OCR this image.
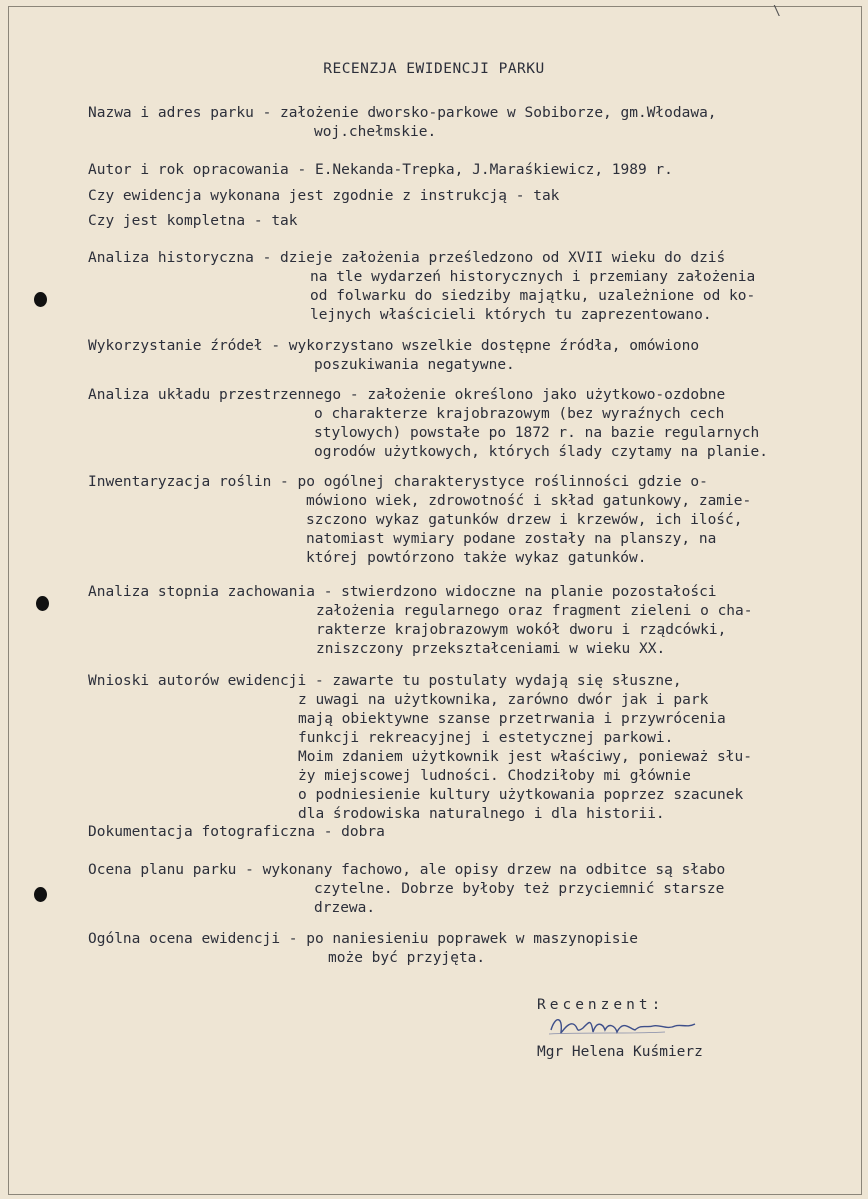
\
RECENZJA EWIDENCJI PARKU
Nazwa i adres parku - założenie dworsko-parkowe w Sobiborze, gm.Włodawa,
woj.chełmskie.
Autor i rok opracowania - E.Nekanda-Trepka, J.Maraśkiewicz, 1989 r.
Czy ewidencja wykonana jest zgodnie z instrukcją - tak
Czy jest kompletna - tak
Analiza historyczna - dzieje założenia prześledzono od XVII wieku do dziś
na tle wydarzeń historycznych i przemiany założenia
od folwarku do siedziby majątku, uzależnione od ko-
lejnych właścicieli których tu zaprezentowano.
Wykorzystanie źródeł - wykorzystano wszelkie dostępne źródła, omówiono
poszukiwania negatywne.
Analiza układu przestrzennego - założenie określono jako użytkowo-ozdobne
o charakterze krajobrazowym (bez wyraźnych cech
stylowych) powstałe po 1872 r. na bazie regularnych
ogrodów użytkowych, których ślady czytamy na planie.
Inwentaryzacja roślin - po ogólnej charakterystyce roślinności gdzie o-
mówiono wiek, zdrowotność i skład gatunkowy, zamie-
szczono wykaz gatunków drzew i krzewów, ich ilość,
natomiast wymiary podane zostały na planszy, na
której powtórzono także wykaz gatunków.
Analiza stopnia zachowania - stwierdzono widoczne na planie pozostałości
założenia regularnego oraz fragment zieleni o cha-
rakterze krajobrazowym wokół dworu i rządcówki,
zniszczony przekształceniami w wieku XX.
Wnioski autorów ewidencji - zawarte tu postulaty wydają się słuszne,
z uwagi na użytkownika, zarówno dwór jak i park
mają obiektywne szanse przetrwania i przywrócenia
funkcji rekreacyjnej i estetycznej parkowi.
Moim zdaniem użytkownik jest właściwy, ponieważ słu-
ży miejscowej ludności. Chodziłoby mi głównie
o podniesienie kultury użytkowania poprzez szacunek
dla środowiska naturalnego i dla historii.
Dokumentacja fotograficzna - dobra
Ocena planu parku - wykonany fachowo, ale opisy drzew na odbitce są słabo
czytelne. Dobrze byłoby też przyciemnić starsze
drzewa.
Ogólna ocena ewidencji - po naniesieniu poprawek w maszynopisie
może być przyjęta.
Recenzent:
Mgr Helena Kuśmierz
